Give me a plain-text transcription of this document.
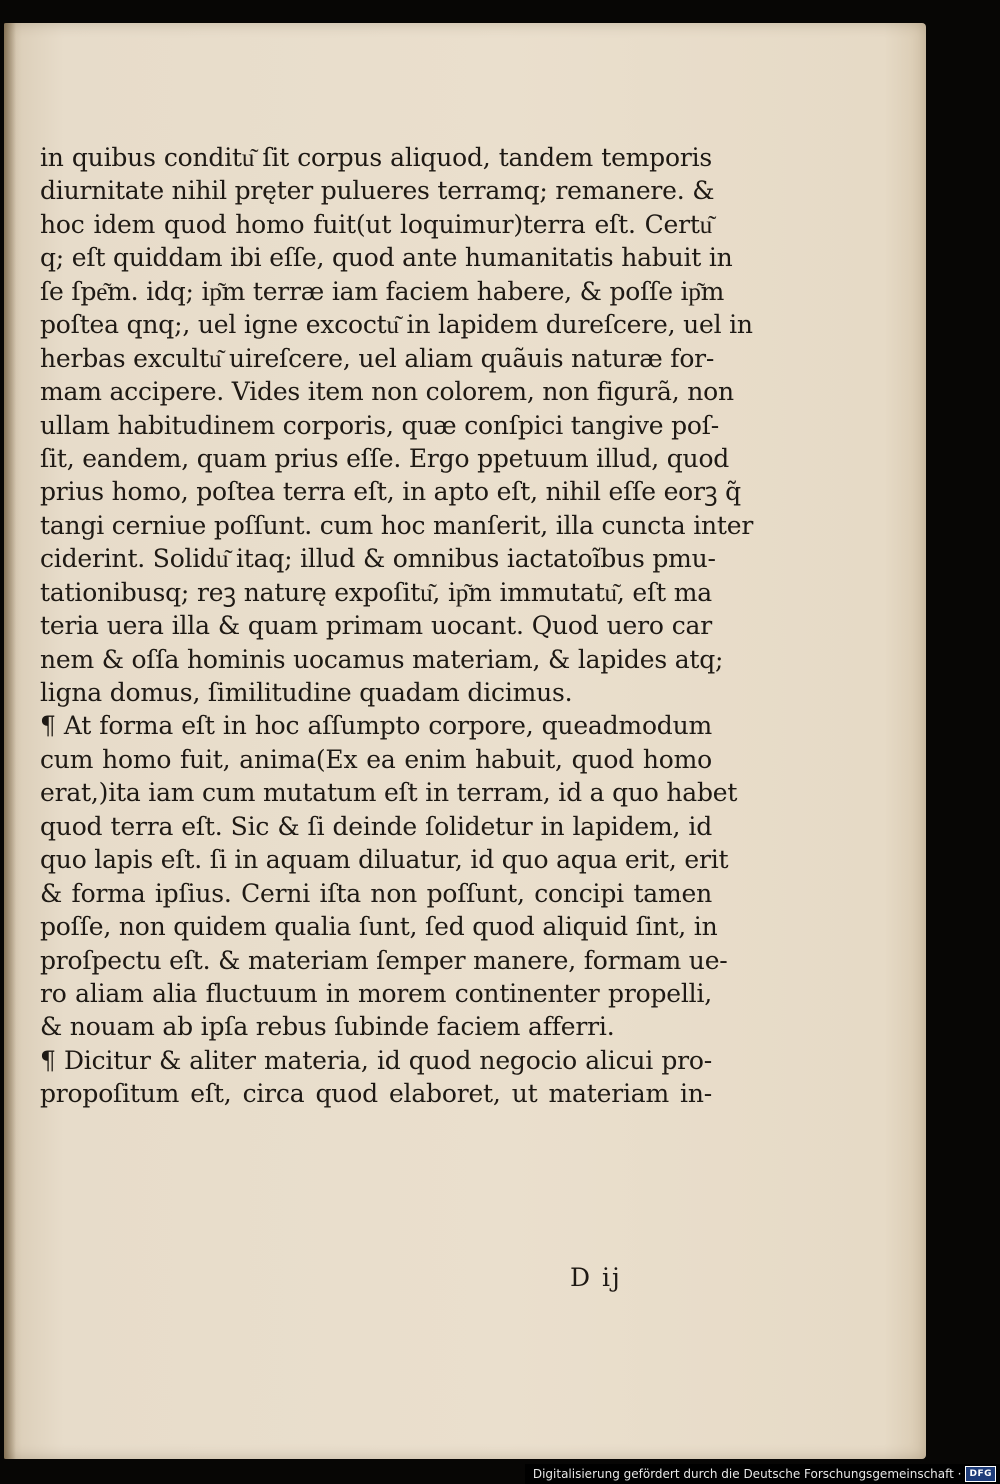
in quibus conditu͂ ſit corpus aliquod, tandem temporis
diurnitate nihil pręter pulueres terramq; remanere. &
hoc idem quod homo fuit(ut loquimur)terra eſt. Certu͂
q; eſt quiddam ibi eſſe, quod ante humanitatis habuit in
ſe ſpe͂m. idq; ip͂m terræ iam faciem habere, & poſſe ip͂m
poſtea qnq;, uel igne excoctu͂ in lapidem dureſcere, uel in
herbas excultu͂ uireſcere, uel aliam quãuis naturæ for-
mam accipere. Vides item non colorem, non figurã, non
ullam habitudinem corporis, quæ conſpici tangive poſ-
ſit, eandem, quam prius eſſe. Ergo ppetuum illud, quod
prius homo, poſtea terra eſt, in apto eſt, nihil eſſe eorꝫ q̃
tangi cerniue poſſunt. cum hoc manſerit, illa cuncta inter
ciderint. Solidu͂ itaq; illud & omnibus iactatoı̃bus pmu-
tationibusq; reꝫ naturę expoſitu͂, ip͂m immutatu͂, eſt ma
teria uera illa & quam primam uocant. Quod uero car
nem & oſſa hominis uocamus materiam, & lapides atq;
ligna domus, ſimilitudine quadam dicimus.
¶ At forma eſt in hoc aſſumpto corpore, queadmodum
cum homo fuit, anima(Ex ea enim habuit, quod homo
erat,)ita iam cum mutatum eſt in terram, id a quo habet
quod terra eſt. Sic & ſi deinde ſolidetur in lapidem, id
quo lapis eſt. ſi in aquam diluatur, id quo aqua erit, erit
& forma ipſius. Cerni iſta non poſſunt, concipi tamen
poſſe, non quidem qualia ſunt, ſed quod aliquid ſint, in
proſpectu eſt. & materiam ſemper manere, formam ue-
ro aliam alia fluctuum in morem continenter propelli,
& nouam ab ipſa rebus ſubinde faciem afferri.
¶ Dicitur & aliter materia, id quod negocio alicui pro-
propoſitum eſt, circa quod elaboret, ut materiam in-
D ij
Digitalisierung gefördert durch die Deutsche Forschungsgemeinschaft · DFG
